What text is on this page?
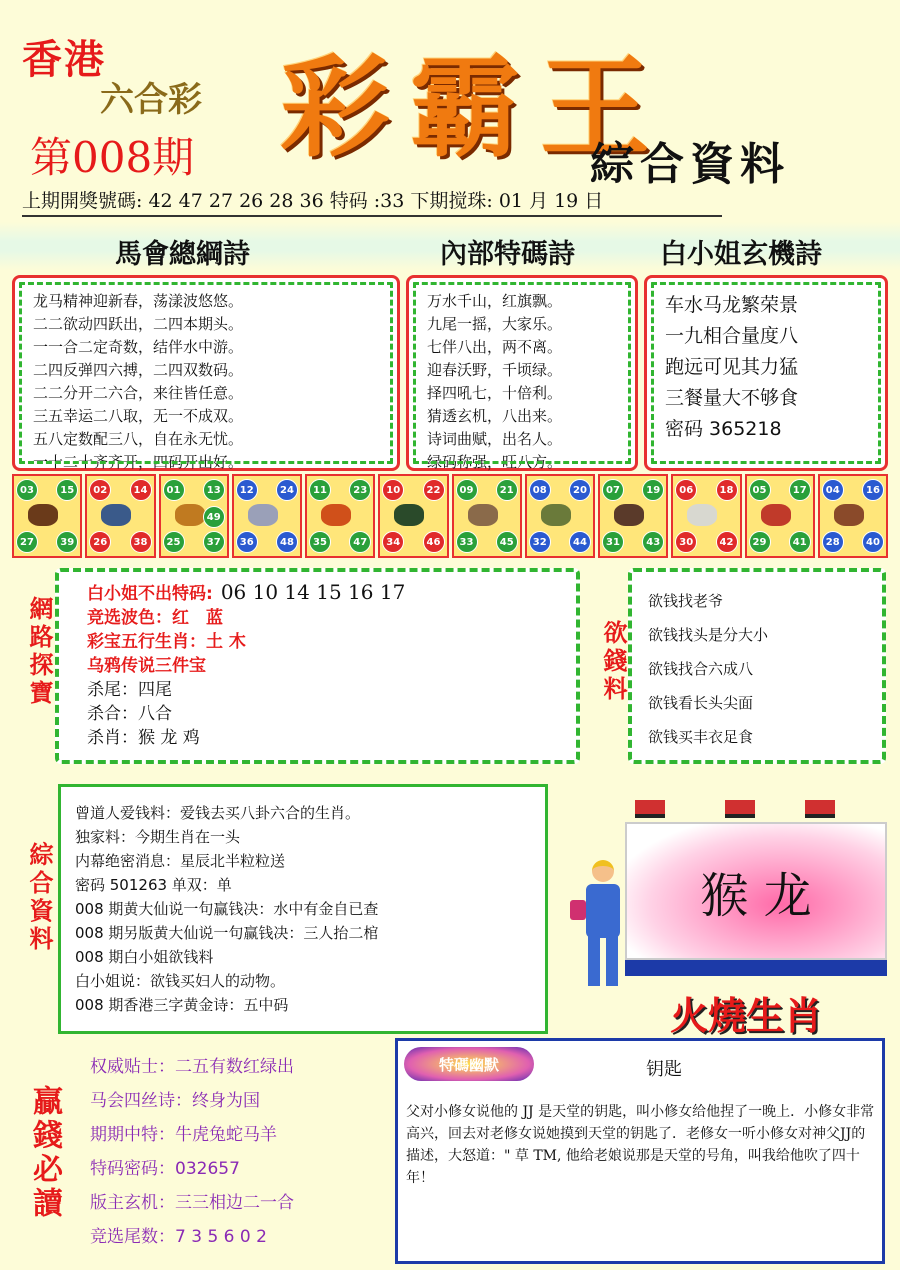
香港
六合彩
第008期 彩霸王
綜合資料
上期開獎號碼: 42 47 27 26 28 36 特码 :33 下期搅珠: 01 月 19 日
馬會總綱詩	內部特碼詩	白小姐玄機詩
龙马精神迎新春，荡漾波悠悠。
二二欲动四跃出，二四本期头。
一一合二定奇数，结伴水中游。
二四反弹四六搏，二四双数码。
二二分开二六合，来往皆任意。
三五幸运二八取，无一不成双。
五八定数配三八，自在永无忧。
一十二十齐齐开，四码开出好。
万水千山，红旗飘。
九尾一摇，大家乐。
七伴八出，两不离。
迎春沃野，千顷绿。
择四吼七，十倍利。
猜透玄机，八出来。
诗词曲赋，出名人。
绿码称强，旺八方。
车水马龙繁荣景
一九相合量度八
跑远可见其力猛
三餐量大不够食
密码 365218
03	15
27	39
02	14
26	38
01	13
25	37
49
12	24
36	48
11	23
35	47
10	22
34	46
09	21
33	45
08	20
32	44
07	19
31	43
06	18
30	42
05	17
29	41
04	16
28	40
網路探寶
白小姐不出特码: 06 10 14 15 16 17
竞选波色：红　蓝
彩宝五行生肖：土 木
乌鸦传说三件宝
杀尾：四尾
杀合：八合
杀肖：猴 龙 鸡
欲錢料
欲钱找老爷
欲钱找头是分大小
欲钱找合六成八
欲钱看长头尖面
欲钱买丰衣足食
綜合資料
曾道人爱钱料：爱钱去买八卦六合的生肖。
独家料：今期生肖在一头
内幕绝密消息：星辰北半粒粒送
密码 501263 单双：单
008 期黄大仙说一句赢钱决：水中有金自已查
008 期另版黄大仙说一句赢钱决：三人抬二棺
008 期白小姐欲钱料
白小姐说：欲钱买妇人的动物。
008 期香港三字黄金诗：五中码
猴 龙
火燒生肖
贏錢必讀
权威贴士：二五有数红绿出
马会四丝诗：终身为国
期期中特：牛虎兔蛇马羊
特码密码：032657
版主玄机：三三相边二一合
竞选尾数：7 3 5 6 0 2
特碼幽默	钥匙
父对小修女说他的 JJ 是天堂的钥匙，叫小修女给他捏了一晚上．小修女非常高兴，回去对老修女说她摸到天堂的钥匙了．老修女一听小修女对神父JJ的描述，大怒道：" 草 TM, 他给老娘说那是天堂的号角，叫我给他吹了四十年！
